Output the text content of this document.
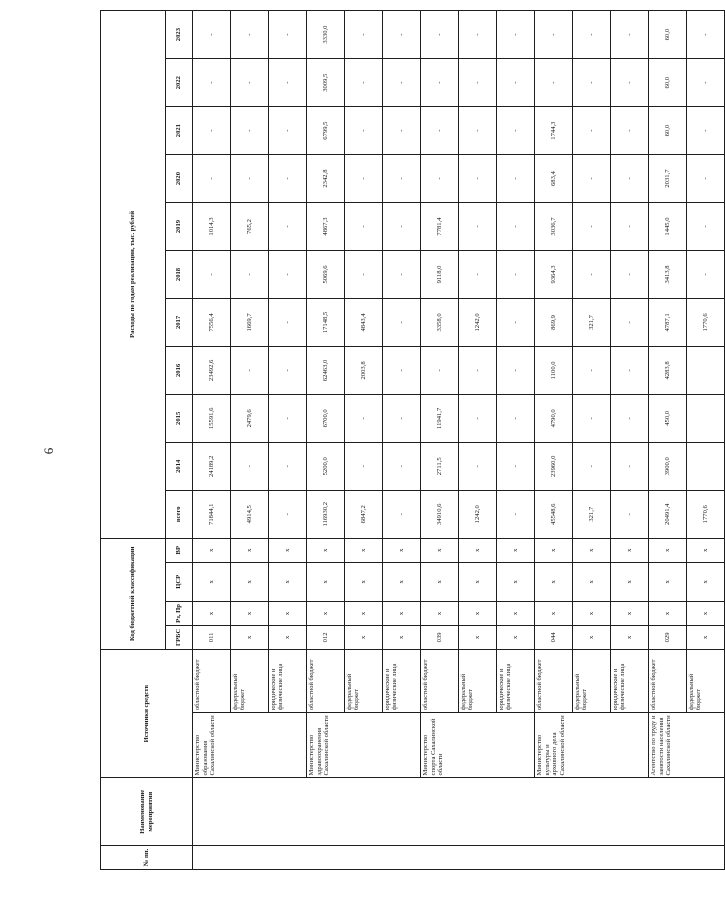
6
№ пп.	Наименование мероприятия	Источники средств		Код бюджетной классификации				Расходы по годам реализации, тыс. рублей										
				ГРБС	Рз, Пр	ЦСР	ВР	всего	2014	2015	2016	2017	2018	2019	2020	2021	2022	2023
		Министерство образования Сахалинской области	областной бюджет	011	х	х	х	71844,1	24189,2	15591,6	23492,6	7556,4	-	1014,3	-	-	-	-
			федеральный бюджет	х	х	х	х	4914,5	-	2479,6	-	1669,7	-	765,2	-	-	-	-
			юридические и физические лица	х	х	х	х	-	-	-	-	-	-	-	-	-	-	-
		Министерство здравоохранения Сахалинской области	областной бюджет	012	х	х	х	116930,2	5200,0	6700,0	62463,0	17148,5	5069,6	4867,3	2342,8	6799,5	3009,5	3330,0
			федеральный бюджет	х	х	х	х	6847,2	-	-	2003,8	4843,4	-	-	-	-	-	-
			юридические и физические лица	х	х	х	х	-	-	-	-	-	-	-	-	-	-	-
		Министерство спорта Сахалинской области	областной бюджет	039	х	х	х	34910,6	2711,5	11941,7	-	3358,0	9118,0	7781,4	-	-	-	-
			федеральный бюджет	х	х	х	х	1242,0	-	-	-	1242,0	-	-	-	-	-	-
			юридические и физические лица	х	х	х	х	-	-	-	-	-	-	-	-	-	-	-
		Министерство культуры и архивного дела Сахалинской области	областной бюджет	044	х	х	х	45548,6	23960,0	4790,0	1100,0	869,9	9364,3	3036,7	683,4	1744,3	-	-
			федеральный бюджет	х	х	х	х	321,7	-	-	-	321,7	-	-	-	-	-	-
			юридические и физические лица	х	х	х	х	-	-	-	-	-	-	-	-	-	-	-
		Агентство по труду и занятости населения Сахалинской области	областной бюджет	029	х	х	х	20491,4	3900,0	450,0	4283,8	4787,1	3413,8	1445,0	2031,7	60,0	60,0	60,0
			федеральный бюджет	х	х	х	х	1770,6				1770,6	-	-	-	-	-	-
